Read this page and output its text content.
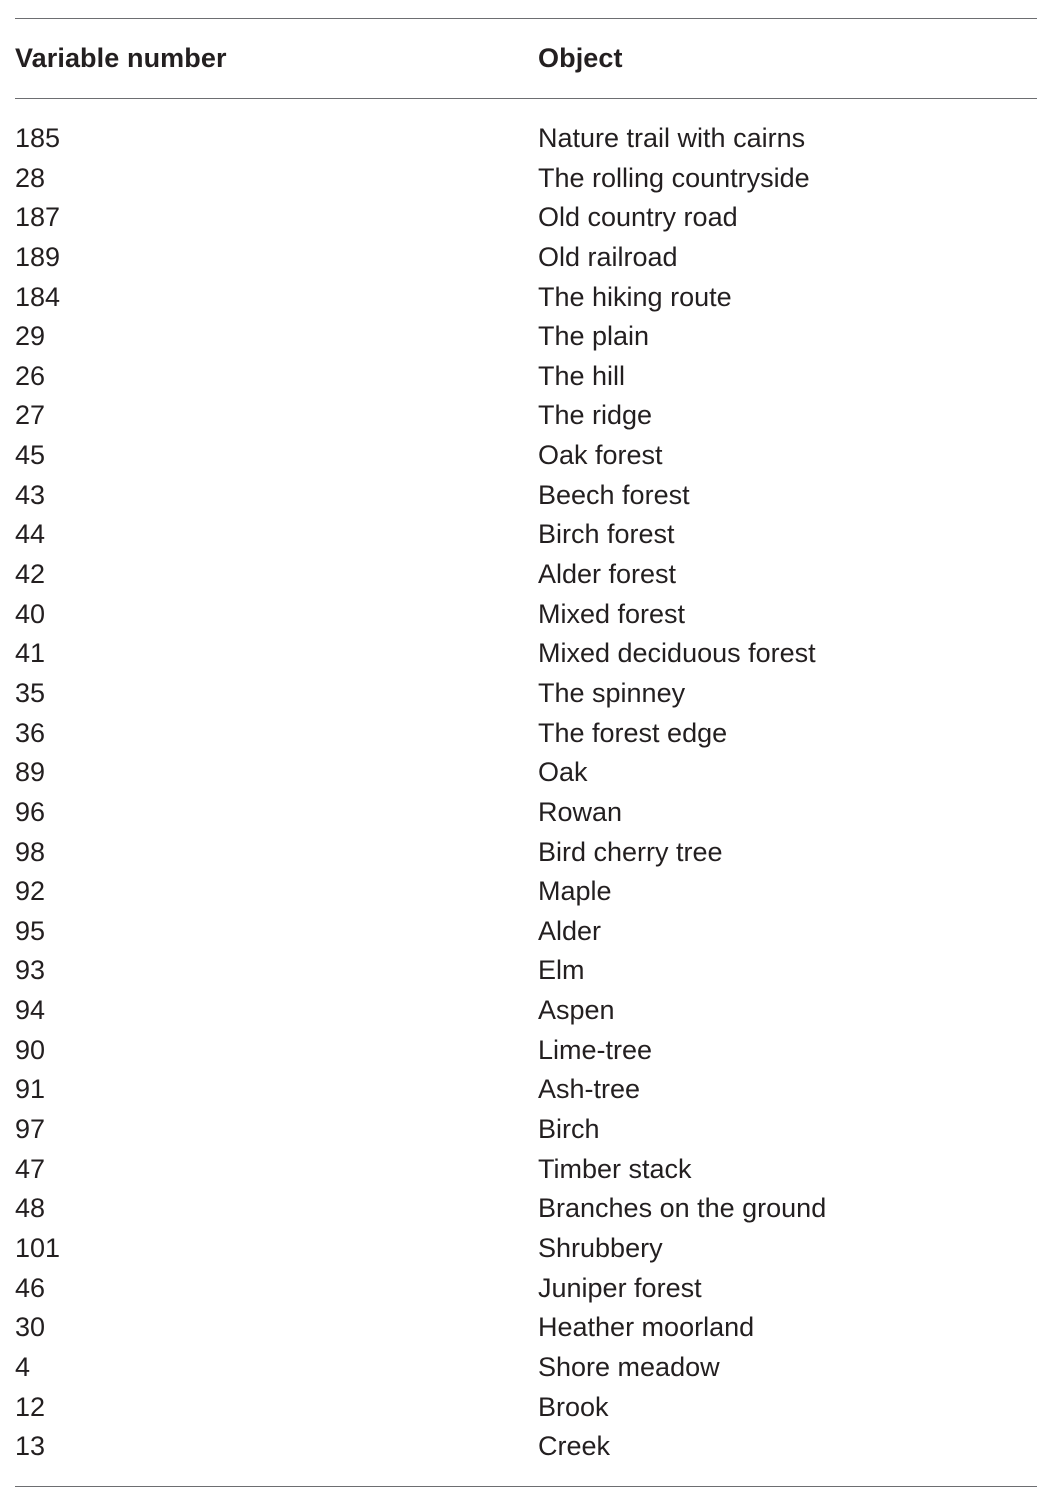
Variable number	Object
185	Nature trail with cairns
28	The rolling countryside
187	Old country road
189	Old railroad
184	The hiking route
29	The plain
26	The hill
27	The ridge
45	Oak forest
43	Beech forest
44	Birch forest
42	Alder forest
40	Mixed forest
41	Mixed deciduous forest
35	The spinney
36	The forest edge
89	Oak
96	Rowan
98	Bird cherry tree
92	Maple
95	Alder
93	Elm
94	Aspen
90	Lime-tree
91	Ash-tree
97	Birch
47	Timber stack
48	Branches on the ground
101	Shrubbery
46	Juniper forest
30	Heather moorland
4	Shore meadow
12	Brook
13	Creek
